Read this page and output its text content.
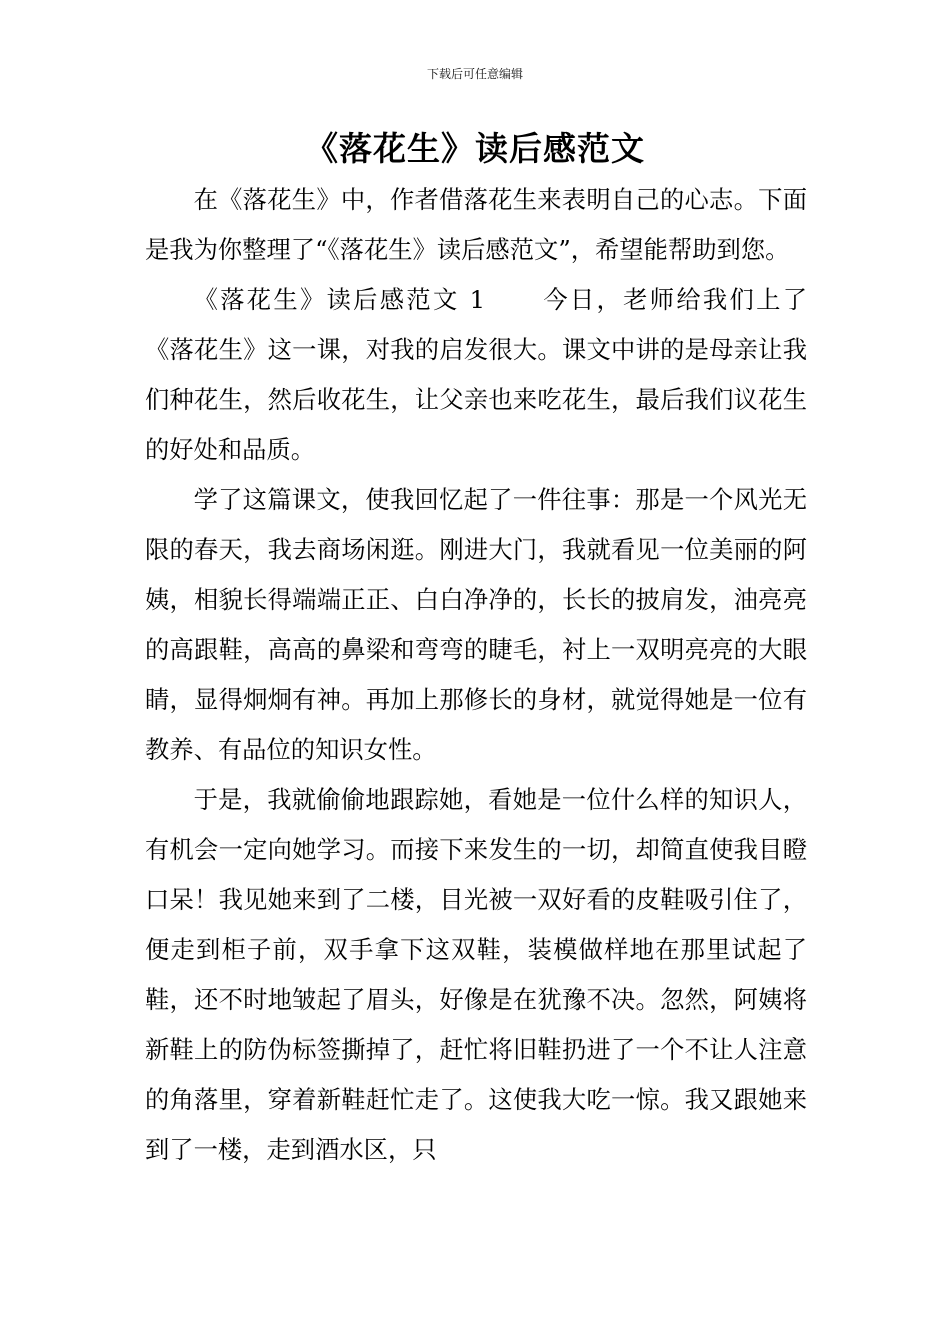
下载后可任意编辑
《落花生》读后感范文

在《落花生》中，作者借落花生来表明自己的心志。下面是我为你整理了“《落花生》读后感范文”，希望能帮助到您。

《落花生》读后感范文 1 今日，老师给我们上了《落花生》这一课，对我的启发很大。课文中讲的是母亲让我们种花生，然后收花生，让父亲也来吃花生，最后我们议花生的好处和品质。

学了这篇课文，使我回忆起了一件往事：那是一个风光无限的春天，我去商场闲逛。刚进大门，我就看见一位美丽的阿姨，相貌长得端端正正、白白净净的，长长的披肩发，油亮亮的高跟鞋，高高的鼻梁和弯弯的睫毛，衬上一双明亮亮的大眼睛，显得炯炯有神。再加上那修长的身材，就觉得她是一位有教养、有品位的知识女性。

于是，我就偷偷地跟踪她，看她是一位什么样的知识人，有机会一定向她学习。而接下来发生的一切，却简直使我目瞪口呆！我见她来到了二楼，目光被一双好看的皮鞋吸引住了，便走到柜子前，双手拿下这双鞋，装模做样地在那里试起了鞋，还不时地皱起了眉头，好像是在犹豫不决。忽然，阿姨将新鞋上的防伪标签撕掉了，赶忙将旧鞋扔进了一个不让人注意的角落里，穿着新鞋赶忙走了。这使我大吃一惊。我又跟她来到了一楼，走到酒水区，只
